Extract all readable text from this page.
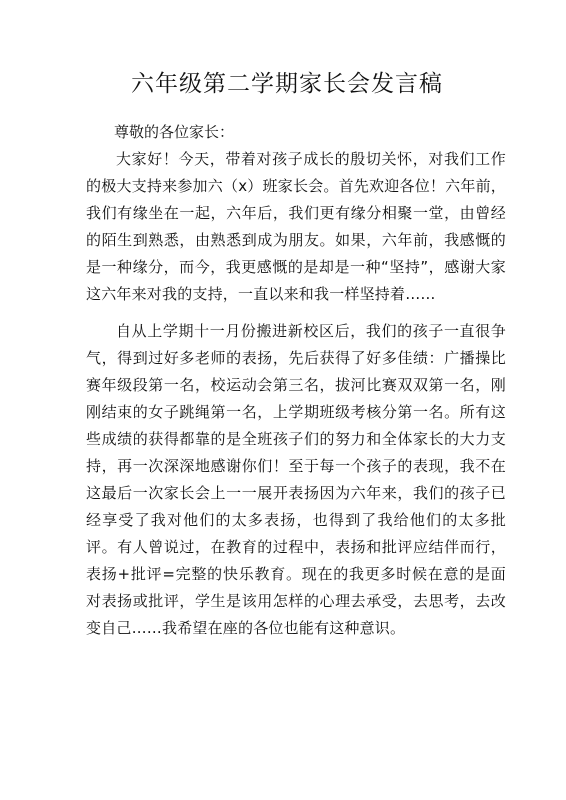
六年级第二学期家长会发言稿

尊敬的各位家长：

大家好！今天，带着对孩子成长的殷切关怀，对我们工作的极大支持来参加六（x）班家长会。首先欢迎各位！六年前，我们有缘坐在一起，六年后，我们更有缘分相聚一堂，由曾经的陌生到熟悉，由熟悉到成为朋友。如果，六年前，我感慨的是一种缘分，而今，我更感慨的是却是一种“坚持”，感谢大家这六年来对我的支持，一直以来和我一样坚持着……

自从上学期十一月份搬进新校区后，我们的孩子一直很争气，得到过好多老师的表扬，先后获得了好多佳绩：广播操比赛年级段第一名，校运动会第三名，拔河比赛双双第一名，刚刚结束的女子跳绳第一名，上学期班级考核分第一名。所有这些成绩的获得都靠的是全班孩子们的努力和全体家长的大力支持，再一次深深地感谢你们！至于每一个孩子的表现，我不在这最后一次家长会上一一展开表扬因为六年来，我们的孩子已经享受了我对他们的太多表扬，也得到了我给他们的太多批评。有人曾说过，在教育的过程中，表扬和批评应结伴而行，表扬+批评=完整的快乐教育。现在的我更多时候在意的是面对表扬或批评，学生是该用怎样的心理去承受，去思考，去改变自己……我希望在座的各位也能有这种意识。
